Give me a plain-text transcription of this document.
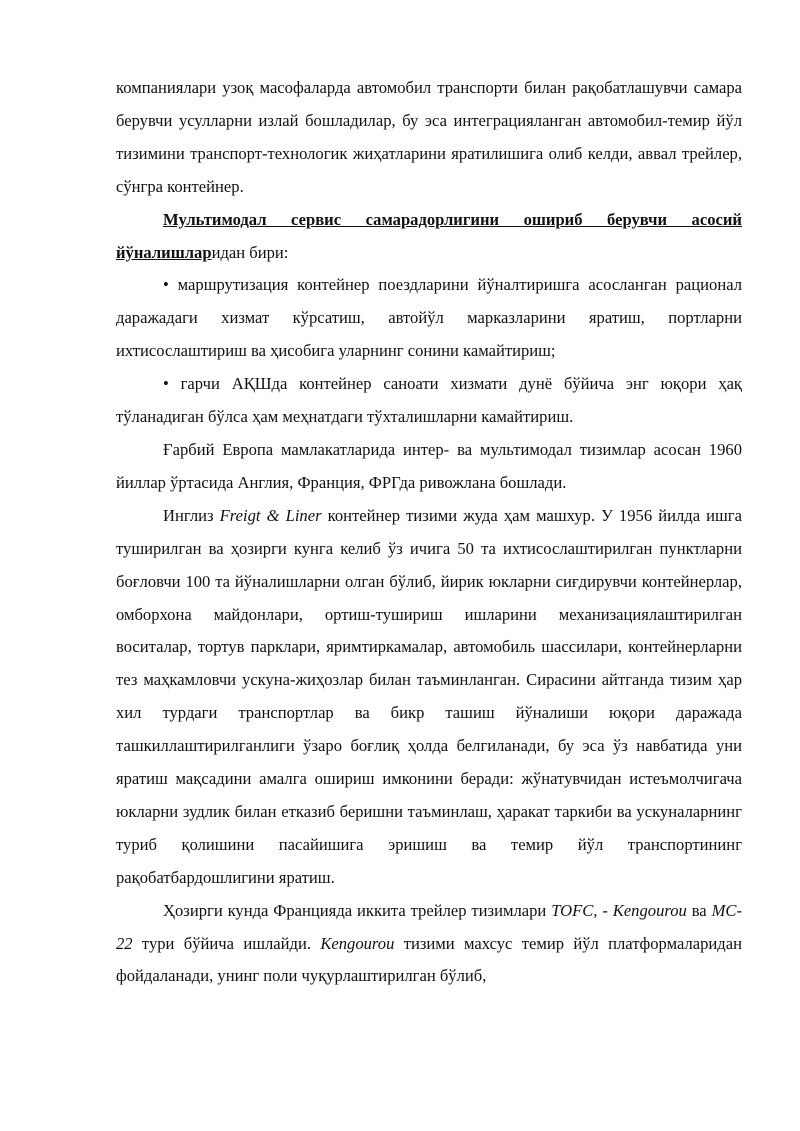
компаниялари узоқ масофаларда автомобил транспорти билан рақобатлашувчи самара берувчи усулларни излай бошладилар, бу эса интеграцияланган автомобил-темир йўл тизимини транспорт-технологик жиҳатларини яратилишига олиб келди, аввал трейлер, сўнгра контейнер.

Мультимодал сервис самарадорлигини ошириб берувчи асосий йўналишларидан бири:

• маршрутизация контейнер поездларини йўналтиришга асосланган рационал даражадаги хизмат кўрсатиш, автойўл марказларини яратиш, портларни ихтисослаштириш ва ҳисобига уларнинг сонини камайтириш;

• гарчи АҚШда контейнер саноати хизмати дунё бўйича энг юқори ҳақ тўланадиган бўлса ҳам меҳнатдаги тўхталишларни камайтириш.

Ғарбий Европа мамлакатларида интер- ва мультимодал тизимлар асосан 1960 йиллар ўртасида Англия, Франция, ФРГда ривожлана бошлади.

Инглиз Freigt & Liner контейнер тизими жуда ҳам машхур. У 1956 йилда ишга туширилган ва ҳозирги кунга келиб ўз ичига 50 та ихтисослаштирилган пунктларни боғловчи 100 та йўналишларни олган бўлиб, йирик юкларни сиғдирувчи контейнерлар, омборхона майдонлари, ортиш-тушириш ишларини механизациялаштирилган воситалар, тортув парклари, яримтиркамалар, автомобиль шассилари, контейнерларни тез маҳкамловчи ускуна-жиҳозлар билан таъминланган. Сирасини айтганда тизим ҳар хил турдаги транспортлар ва бикр ташиш йўналиши юқори даражада ташкиллаштирилганлиги ўзаро боғлиқ ҳолда белгиланади, бу эса ўз навбатида уни яратиш мақсадини амалга ошириш имконини беради: жўнатувчидан истеъмолчигача юкларни зудлик билан етказиб беришни таъминлаш, ҳаракат таркиби ва ускуналарнинг туриб қолишини пасайишига эришиш ва темир йўл транспортининг рақобатбардошлигини яратиш.

Ҳозирги кунда Францияда иккита трейлер тизимлари TOFC, - Kengourou ва MC-22 тури бўйича ишлайди. Kengourou тизими махсус темир йўл платформаларидан фойдаланади, унинг поли чуқурлаштирилган бўлиб,
